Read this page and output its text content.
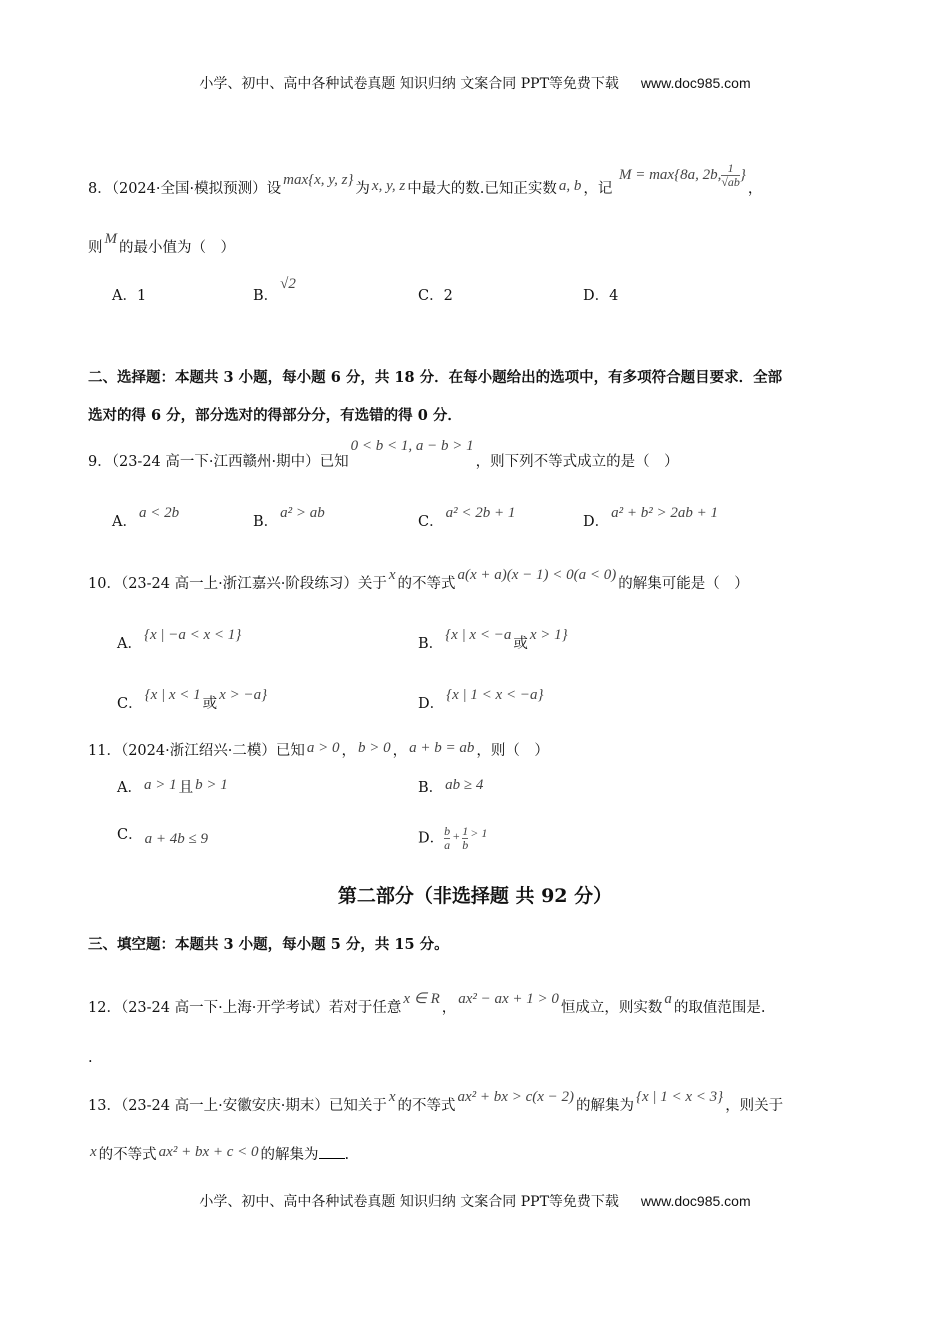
小学、初中、高中各种试卷真题 知识归纳 文案合同 PPT等免费下载 www.doc985.com
8．（2024·全国·模拟预测）设max{x, y, z}为 x, y, z 中最大的数.已知正实数 a, b ，记 M = max{8a, 2b, $\frac{1}{√ab}$ }，
则M的最小值为（　）
A．1	B．√2
C．2	D．4
二、选择题：本题共 3 小题，每小题 6 分，共 18 分．在每小题给出的选项中，有多项符合题目要求．全部
选对的得 6 分，部分选对的得部分分，有选错的得 0 分．
9．（23-24 高一下·江西赣州·期中）已知0 < b < 1, a − b > 1，则下列不等式成立的是（　）
A．a < 2b
B．a² > ab
C．a² < 2b + 1
D．a² + b² > 2ab + 1
10．（23-24 高一上·浙江嘉兴·阶段练习）关于x的不等式a(x + a)(x − 1) < 0(a < 0)的解集可能是（　）
A．{x | −a < x < 1}
B．{x | x < −a或x > 1}
C．{x | x < 1或x > −a}
D．{x | 1 < x < −a}
11．（2024·浙江绍兴·二模）已知 a > 0 ， b > 0 ， a + b = ab ，则（　）
A． a > 1 且 b > 1	B． ab ≥ 4
C． a + 4b ≤ 9	D． $\frac{b}{a} ^+ \frac{1}{b} ^{> 1}$
第二部分（非选择题 共 92 分）
三、填空题：本题共 3 小题，每小题 5 分，共 15 分。
12．（23-24 高一下·上海·开学考试）若对于任意x ∈ R，ax² − ax + 1 > 0恒成立，则实数a的取值范围是.
.
13．（23-24 高一上·安徽安庆·期末）已知关于x的不等式ax² + bx > c(x − 2)的解集为{x | 1 < x < 3}，则关于
x 的不等式 ax² + bx + c < 0 的解集为 .
小学、初中、高中各种试卷真题 知识归纳 文案合同 PPT等免费下载 www.doc985.com
